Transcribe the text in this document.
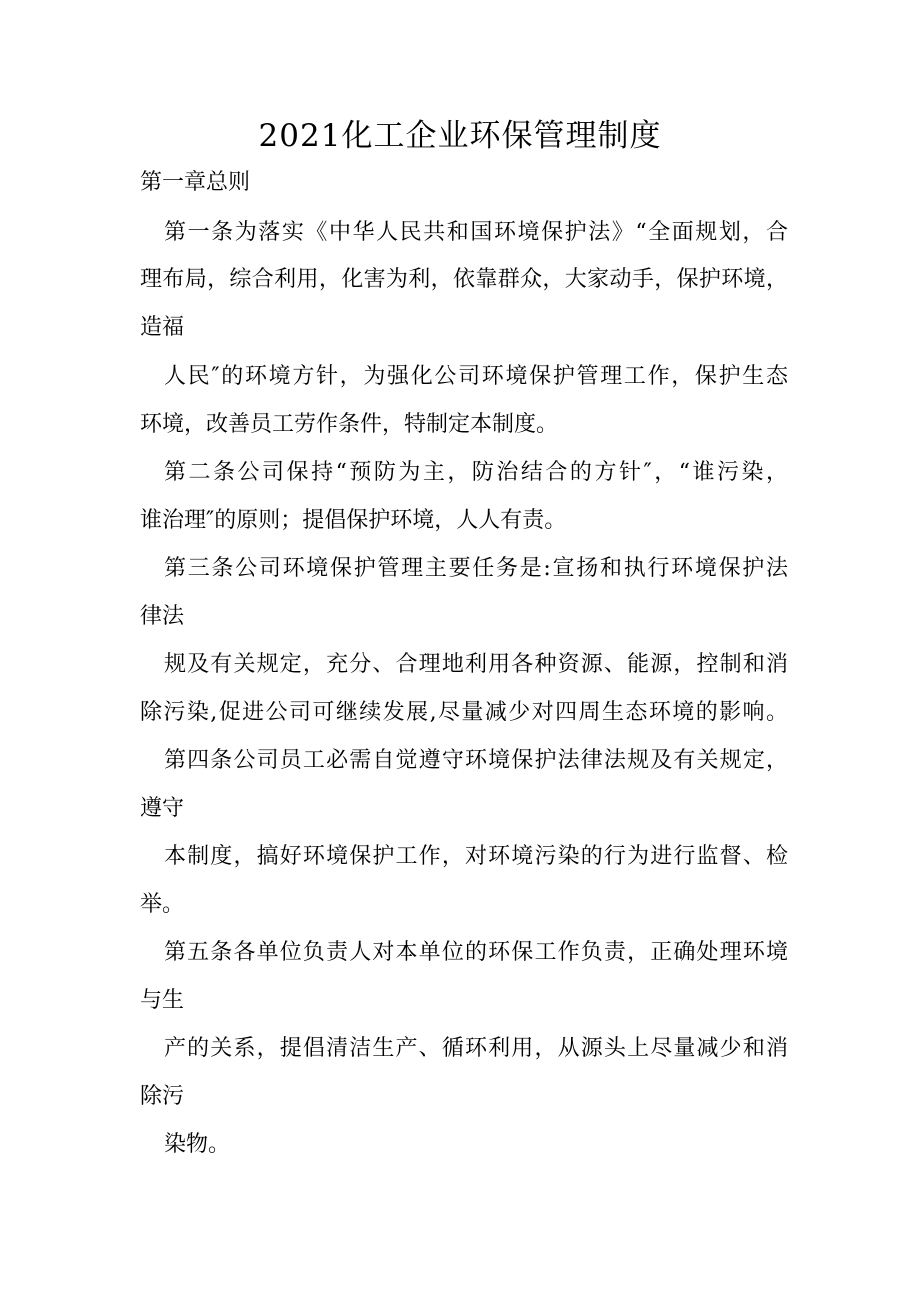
2021化工企业环保管理制度
第一章总则
第一条为落实《中华人民共和国环境保护法》“全面规划，合
理布局，综合利用，化害为利，依靠群众，大家动手，保护环境，
造福
人民″的环境方针，为强化公司环境保护管理工作，保护生态
环境，改善员工劳作条件，特制定本制度。
第二条公司保持“预防为主，防治结合的方针″，“谁污染，
谁治理″的原则；提倡保护环境，人人有责。
第三条公司环境保护管理主要任务是:宣扬和执行环境保护法
律法
规及有关规定，充分、合理地利用各种资源、能源，控制和消
除污染,促进公司可继续发展,尽量减少对四周生态环境的影响。
第四条公司员工必需自觉遵守环境保护法律法规及有关规定，
遵守
本制度，搞好环境保护工作，对环境污染的行为进行监督、检
举。
第五条各单位负责人对本单位的环保工作负责，正确处理环境
与生
产的关系，提倡清洁生产、循环利用，从源头上尽量减少和消
除污
染物。
